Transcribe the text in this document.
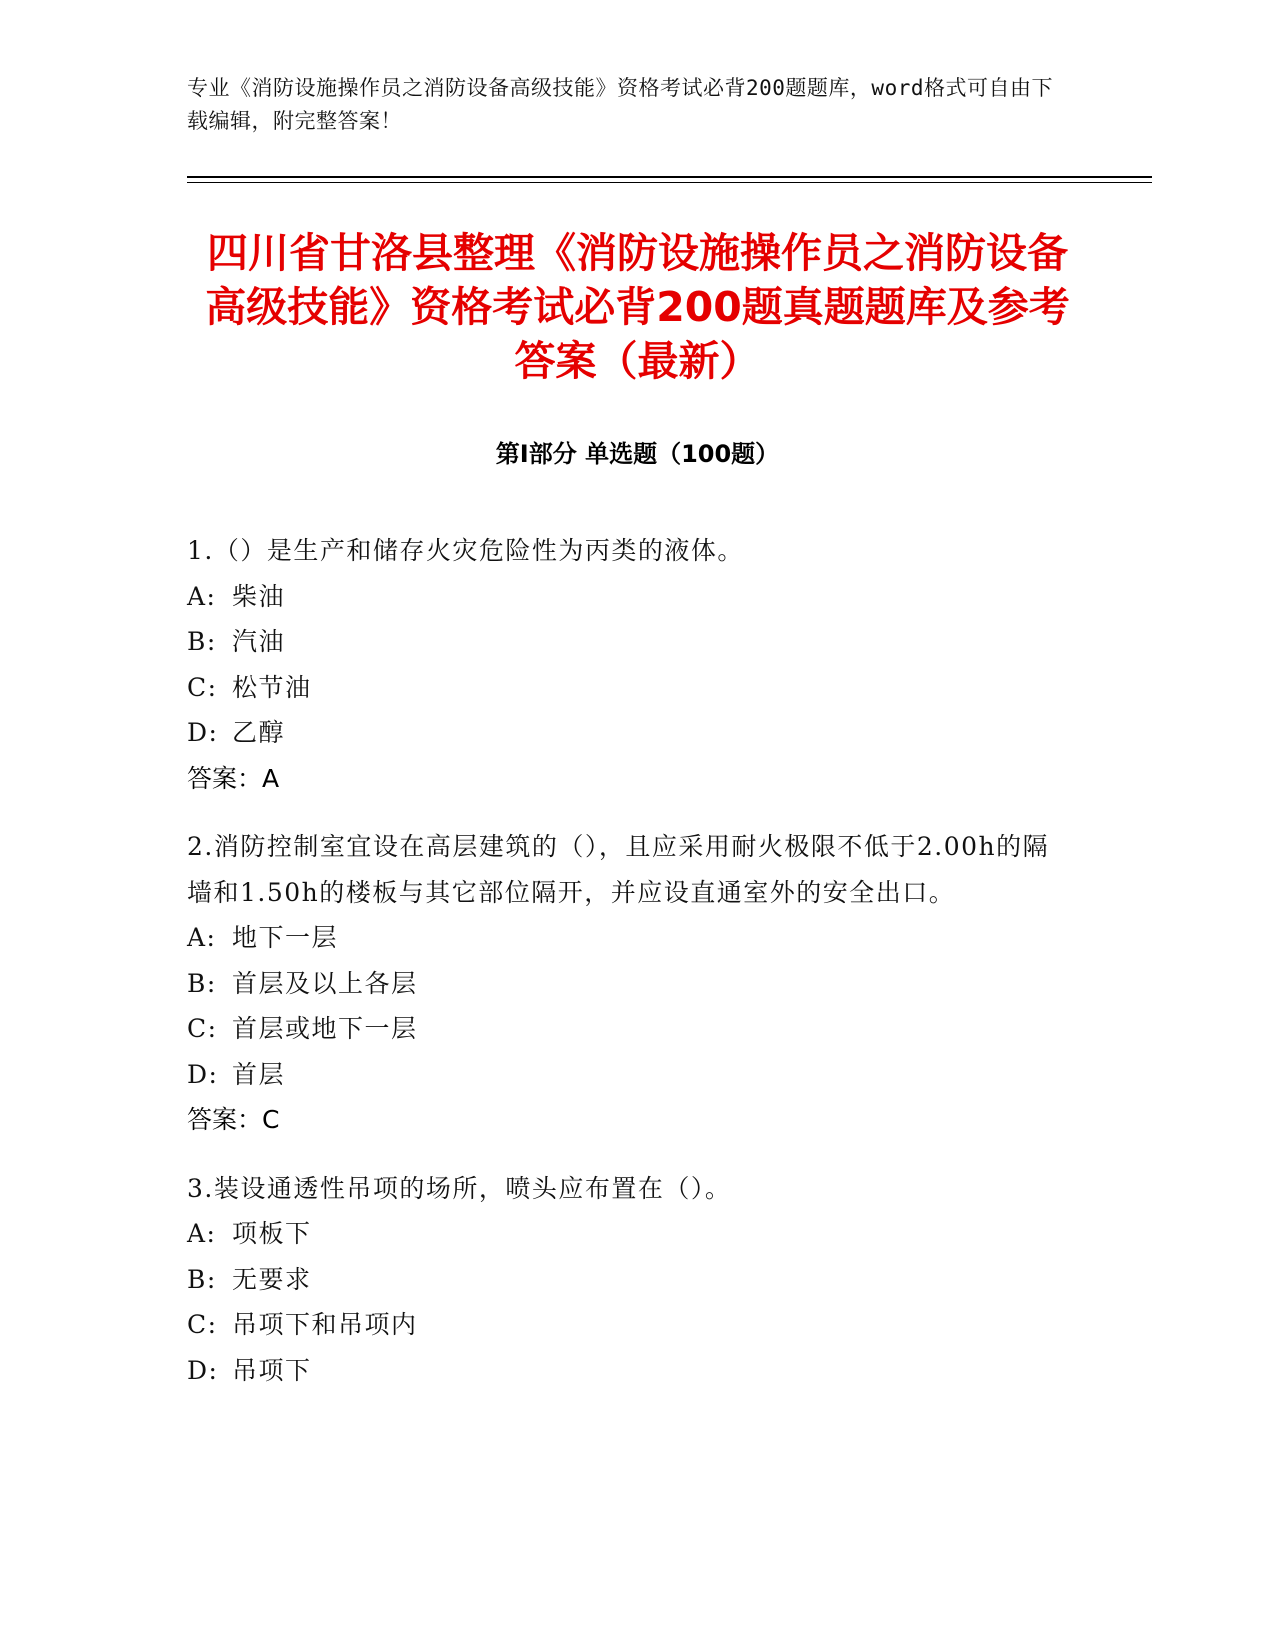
专业《消防设施操作员之消防设备高级技能》资格考试必背200题题库，word格式可自由下载编辑，附完整答案！
四川省甘洛县整理《消防设施操作员之消防设备高级技能》资格考试必背200题真题题库及参考答案（最新）
第I部分 单选题（100题）
1.（）是生产和储存火灾危险性为丙类的液体。
A: 柴油
B: 汽油
C: 松节油
D: 乙醇
答案：A
2.消防控制室宜设在高层建筑的（），且应采用耐火极限不低于2.00h的隔墙和1.50h的楼板与其它部位隔开，并应设直通室外的安全出口。
A: 地下一层
B: 首层及以上各层
C: 首层或地下一层
D: 首层
答案：C
3.装设通透性吊项的场所，喷头应布置在（）。
A: 项板下
B: 无要求
C: 吊项下和吊项内
D: 吊项下
